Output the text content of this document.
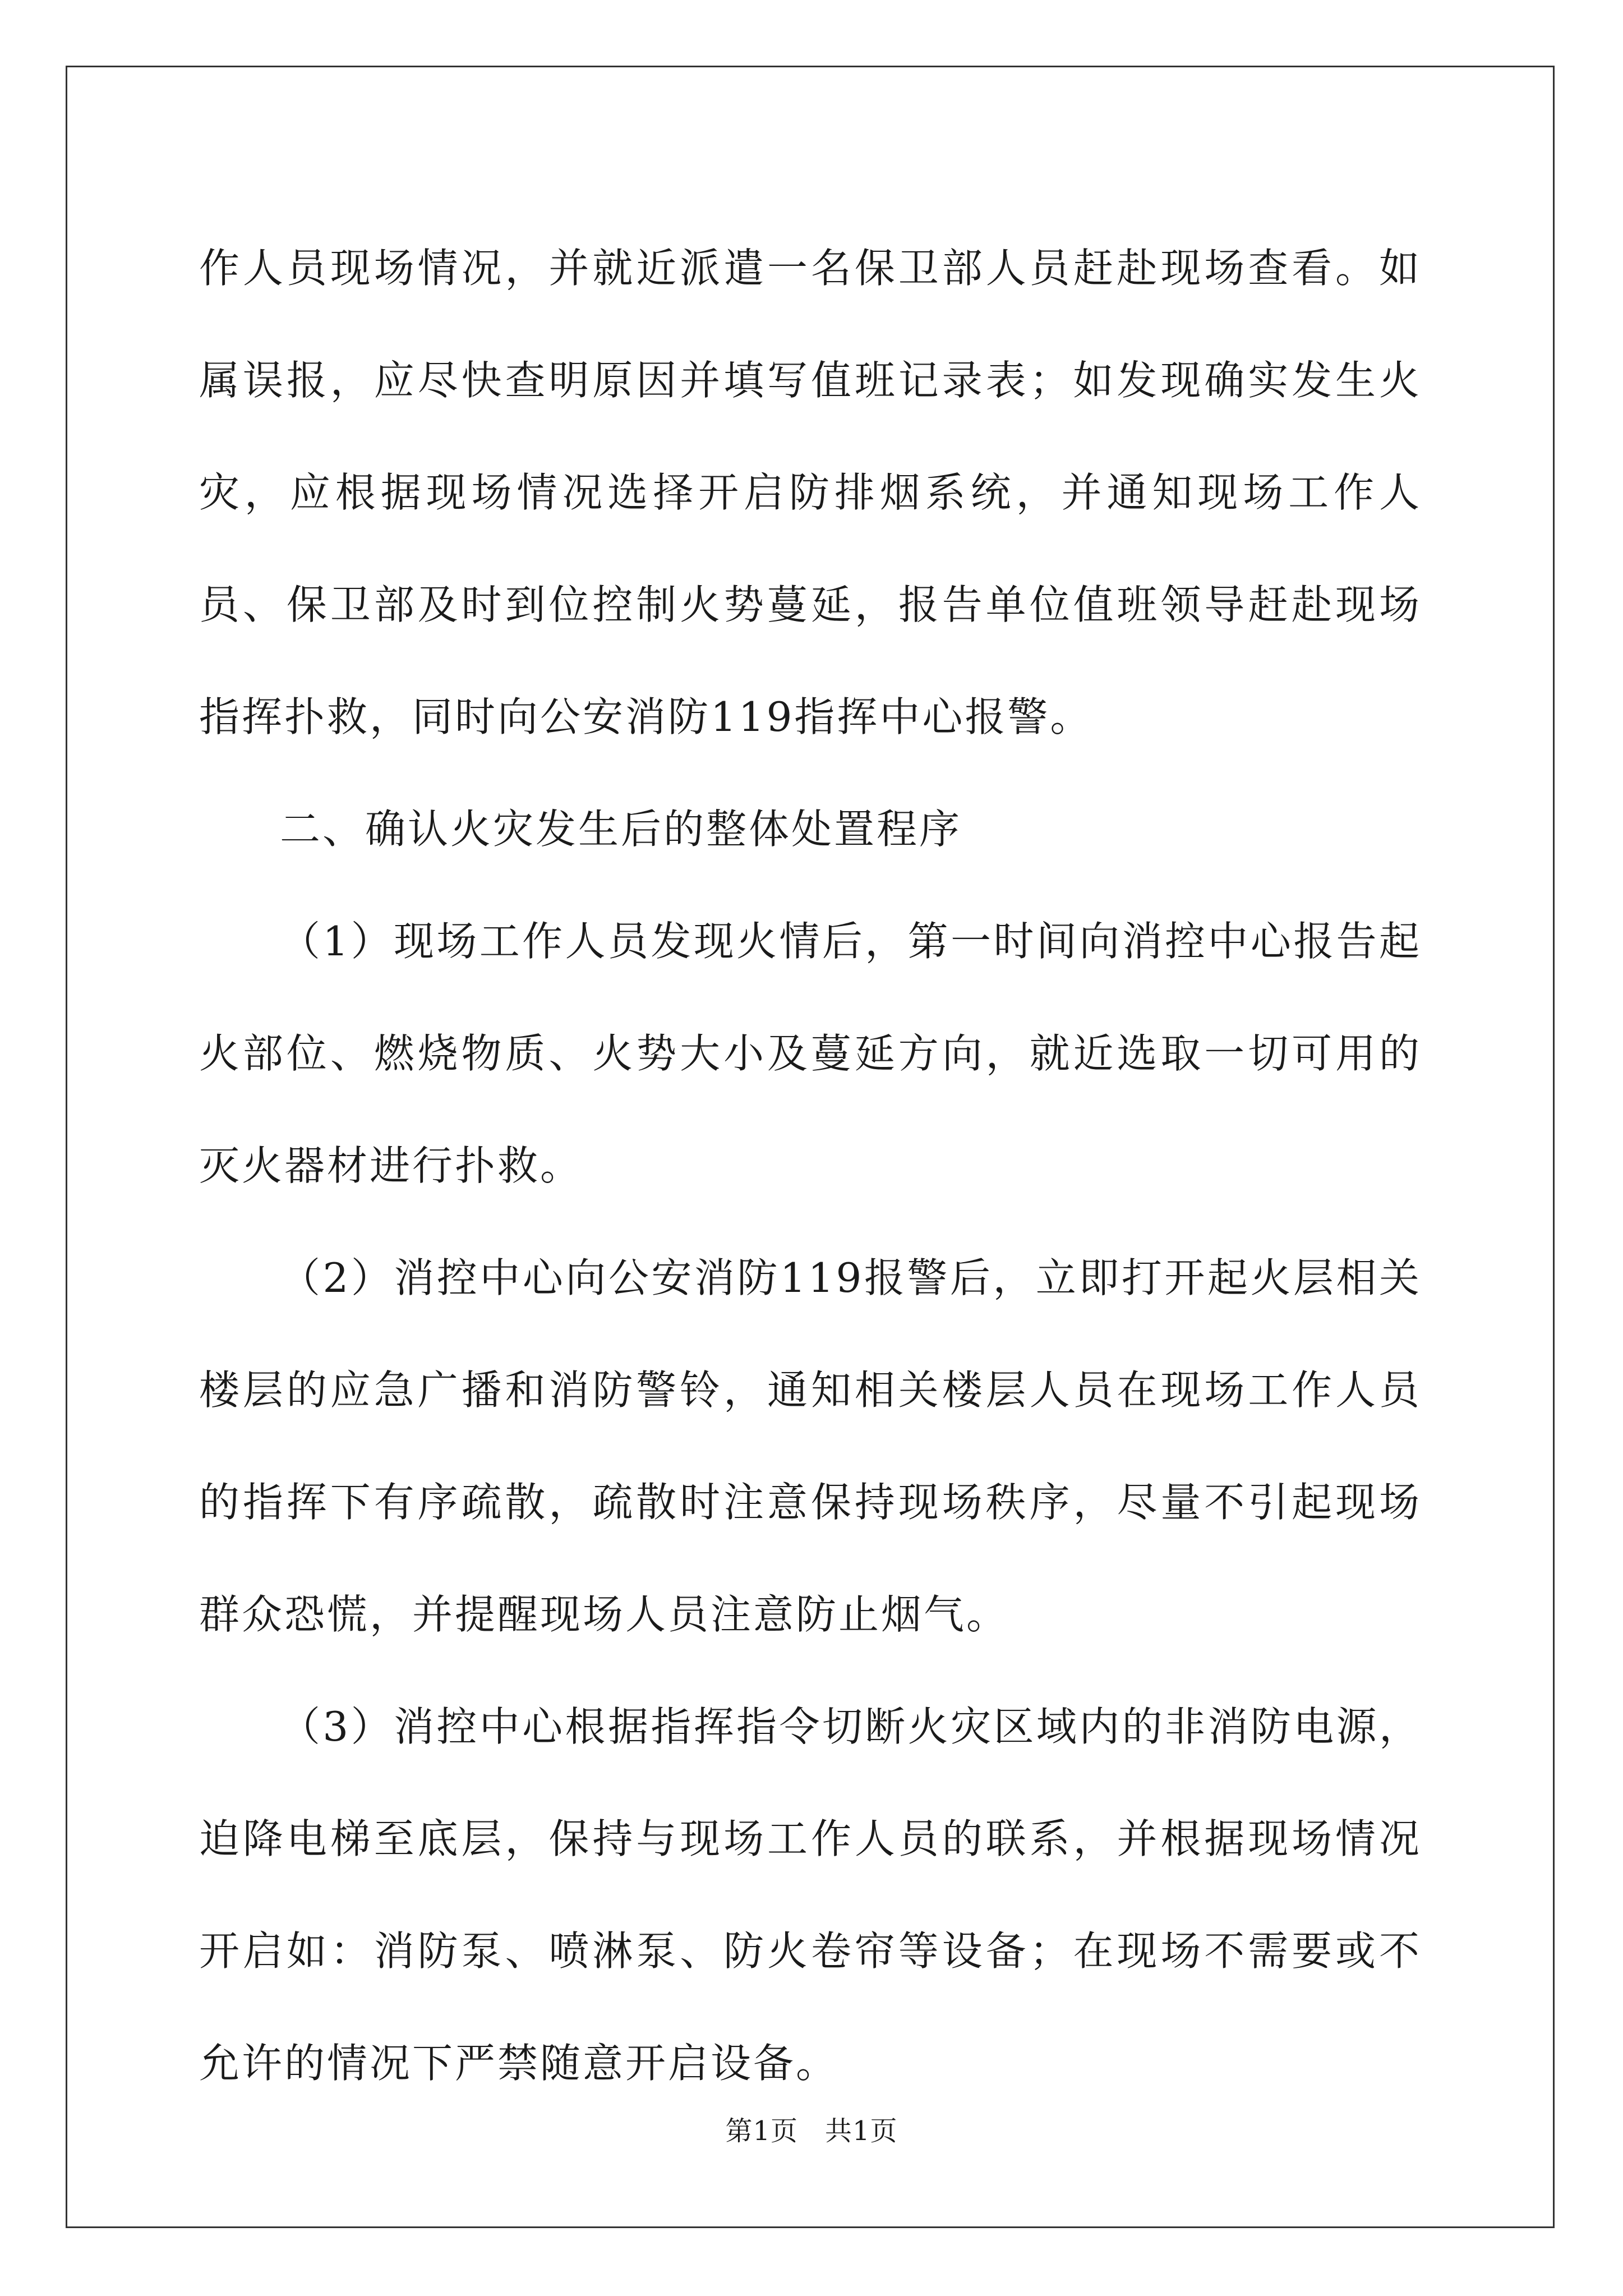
作人员现场情况，并就近派遣一名保卫部人员赶赴现场查看。如属误报，应尽快查明原因并填写值班记录表；如发现确实发生火灾，应根据现场情况选择开启防排烟系统，并通知现场工作人员、保卫部及时到位控制火势蔓延，报告单位值班领导赶赴现场指挥扑救，同时向公安消防119指挥中心报警。

二、确认火灾发生后的整体处置程序

（1）现场工作人员发现火情后，第一时间向消控中心报告起火部位、燃烧物质、火势大小及蔓延方向，就近选取一切可用的灭火器材进行扑救。

（2）消控中心向公安消防119报警后，立即打开起火层相关楼层的应急广播和消防警铃，通知相关楼层人员在现场工作人员的指挥下有序疏散，疏散时注意保持现场秩序，尽量不引起现场群众恐慌，并提醒现场人员注意防止烟气。

（3）消控中心根据指挥指令切断火灾区域内的非消防电源，迫降电梯至底层，保持与现场工作人员的联系，并根据现场情况开启如：消防泵、喷淋泵、防火卷帘等设备；在现场不需要或不允许的情况下严禁随意开启设备。

第1页 共1页
